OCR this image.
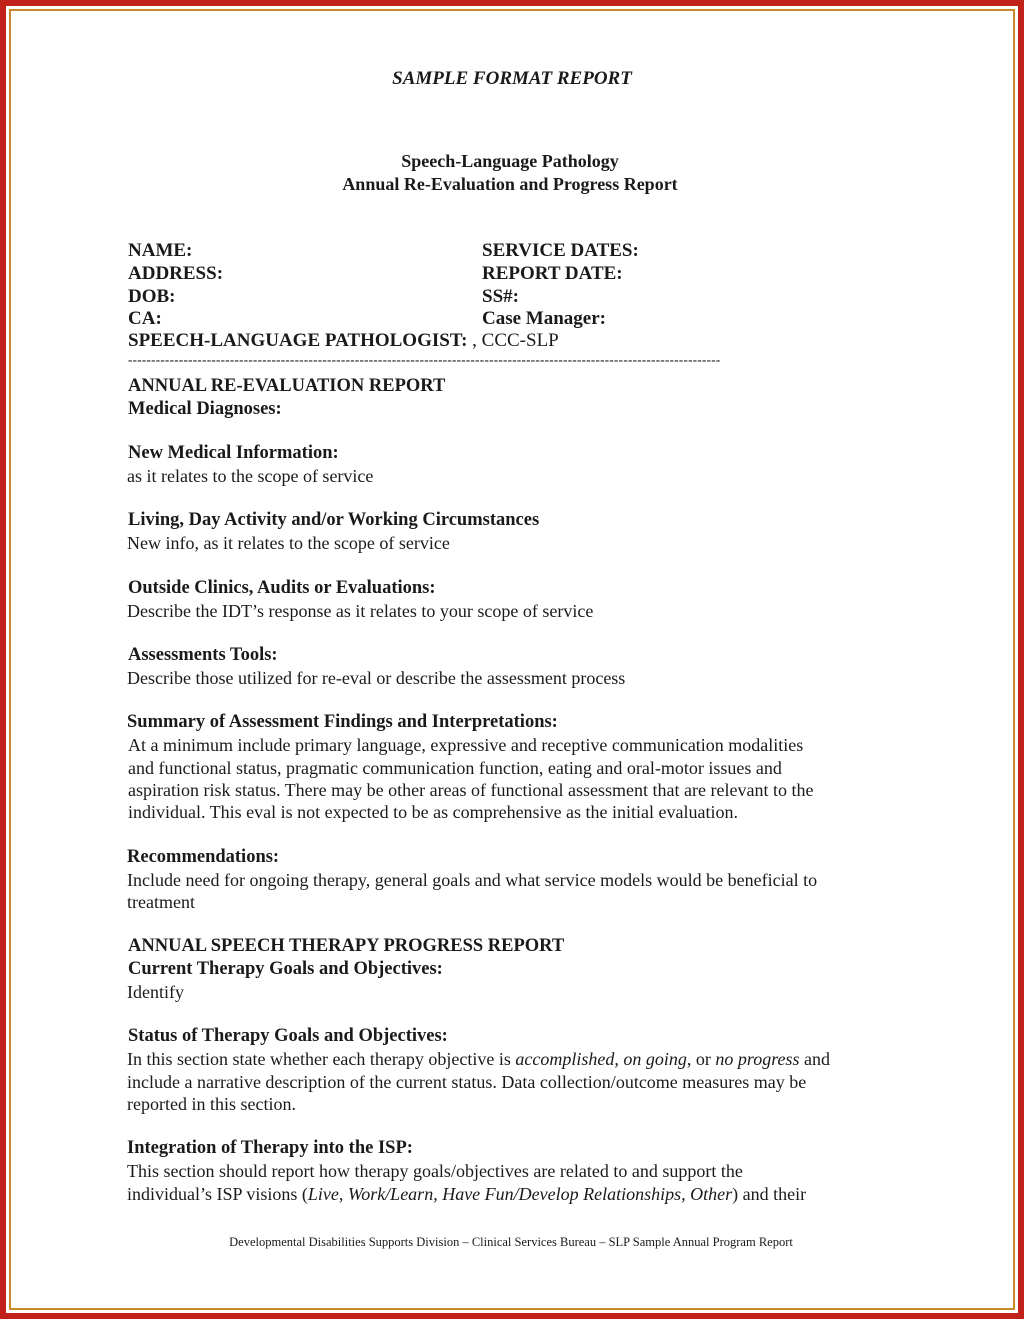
SAMPLE FORMAT REPORT
Speech-Language Pathology
Annual Re-Evaluation and Progress Report
NAME:
ADDRESS:
DOB:
CA:
SPEECH-LANGUAGE PATHOLOGIST: , CCC-SLP
SERVICE DATES:
REPORT DATE:
SS#:
Case Manager:
--------------------------------------------------------------------------------------------------------------------------------
ANNUAL RE-EVALUATION REPORT
Medical Diagnoses:
New Medical Information:
as it relates to the scope of service
Living, Day Activity and/or Working Circumstances
New info, as it relates to the scope of service
Outside Clinics, Audits or Evaluations:
Describe the IDT’s response as it relates to your scope of service
Assessments Tools:
Describe those utilized for re-eval or describe the assessment process
Summary of Assessment Findings and Interpretations:
At a minimum include primary language, expressive and receptive communication modalities
and functional status, pragmatic communication function, eating and oral-motor issues and
aspiration risk status. There may be other areas of functional assessment that are relevant to the
individual. This eval is not expected to be as comprehensive as the initial evaluation.
Recommendations:
Include need for ongoing therapy, general goals and what service models would be beneficial to
treatment
ANNUAL SPEECH THERAPY PROGRESS REPORT
Current Therapy Goals and Objectives:
Identify
Status of Therapy Goals and Objectives:
In this section state whether each therapy objective is accomplished, on going, or no progress and
include a narrative description of the current status. Data collection/outcome measures may be
reported in this section.
Integration of Therapy into the ISP:
This section should report how therapy goals/objectives are related to and support the
individual’s ISP visions (Live, Work/Learn, Have Fun/Develop Relationships, Other) and their
Developmental Disabilities Supports Division – Clinical Services Bureau – SLP Sample Annual Program Report
